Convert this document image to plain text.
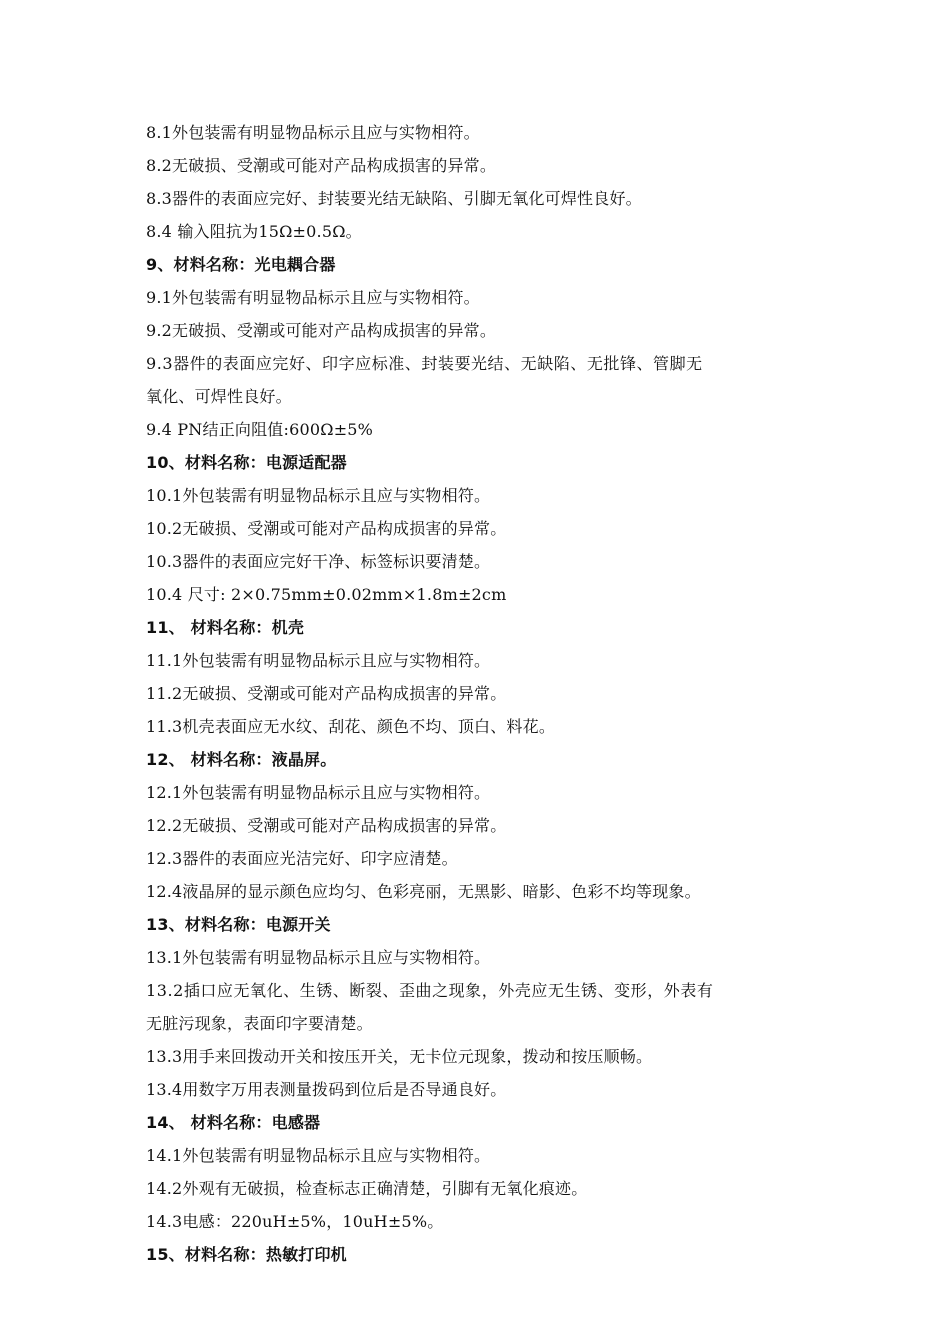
8.1外包装需有明显物品标示且应与实物相符。
8.2无破损、受潮或可能对产品构成损害的异常。
8.3器件的表面应完好、封装要光结无缺陷、引脚无氧化可焊性良好。
8.4 输入阻抗为15Ω±0.5Ω。
9、材料名称：光电耦合器
9.1外包装需有明显物品标示且应与实物相符。
9.2无破损、受潮或可能对产品构成损害的异常。
9.3器件的表面应完好、印字应标准、封装要光结、无缺陷、无批锋、管脚无
氧化、可焊性良好。
9.4 PN结正向阻值:600Ω±5%
10、材料名称：电源适配器
10.1外包装需有明显物品标示且应与实物相符。
10.2无破损、受潮或可能对产品构成损害的异常。
10.3器件的表面应完好干净、标签标识要清楚。
10.4 尺寸: 2×0.75mm±0.02mm×1.8m±2cm
11、 材料名称：机壳
11.1外包装需有明显物品标示且应与实物相符。
11.2无破损、受潮或可能对产品构成损害的异常。
11.3机壳表面应无水纹、刮花、颜色不均、顶白、料花。
12、 材料名称：液晶屏。
12.1外包装需有明显物品标示且应与实物相符。
12.2无破损、受潮或可能对产品构成损害的异常。
12.3器件的表面应光洁完好、印字应清楚。
12.4液晶屏的显示颜色应均匀、色彩亮丽，无黑影、暗影、色彩不均等现象。
13、材料名称：电源开关
13.1外包装需有明显物品标示且应与实物相符。
13.2插口应无氧化、生锈、断裂、歪曲之现象，外壳应无生锈、变形，外表有
无脏污现象，表面印字要清楚。
13.3用手来回拨动开关和按压开关，无卡位元现象，拨动和按压顺畅。
13.4用数字万用表测量拨码到位后是否导通良好。
14、 材料名称：电感器
14.1外包装需有明显物品标示且应与实物相符。
14.2外观有无破损，检查标志正确清楚，引脚有无氧化痕迹。
14.3电感：220uH±5%，10uH±5%。
15、材料名称：热敏打印机
